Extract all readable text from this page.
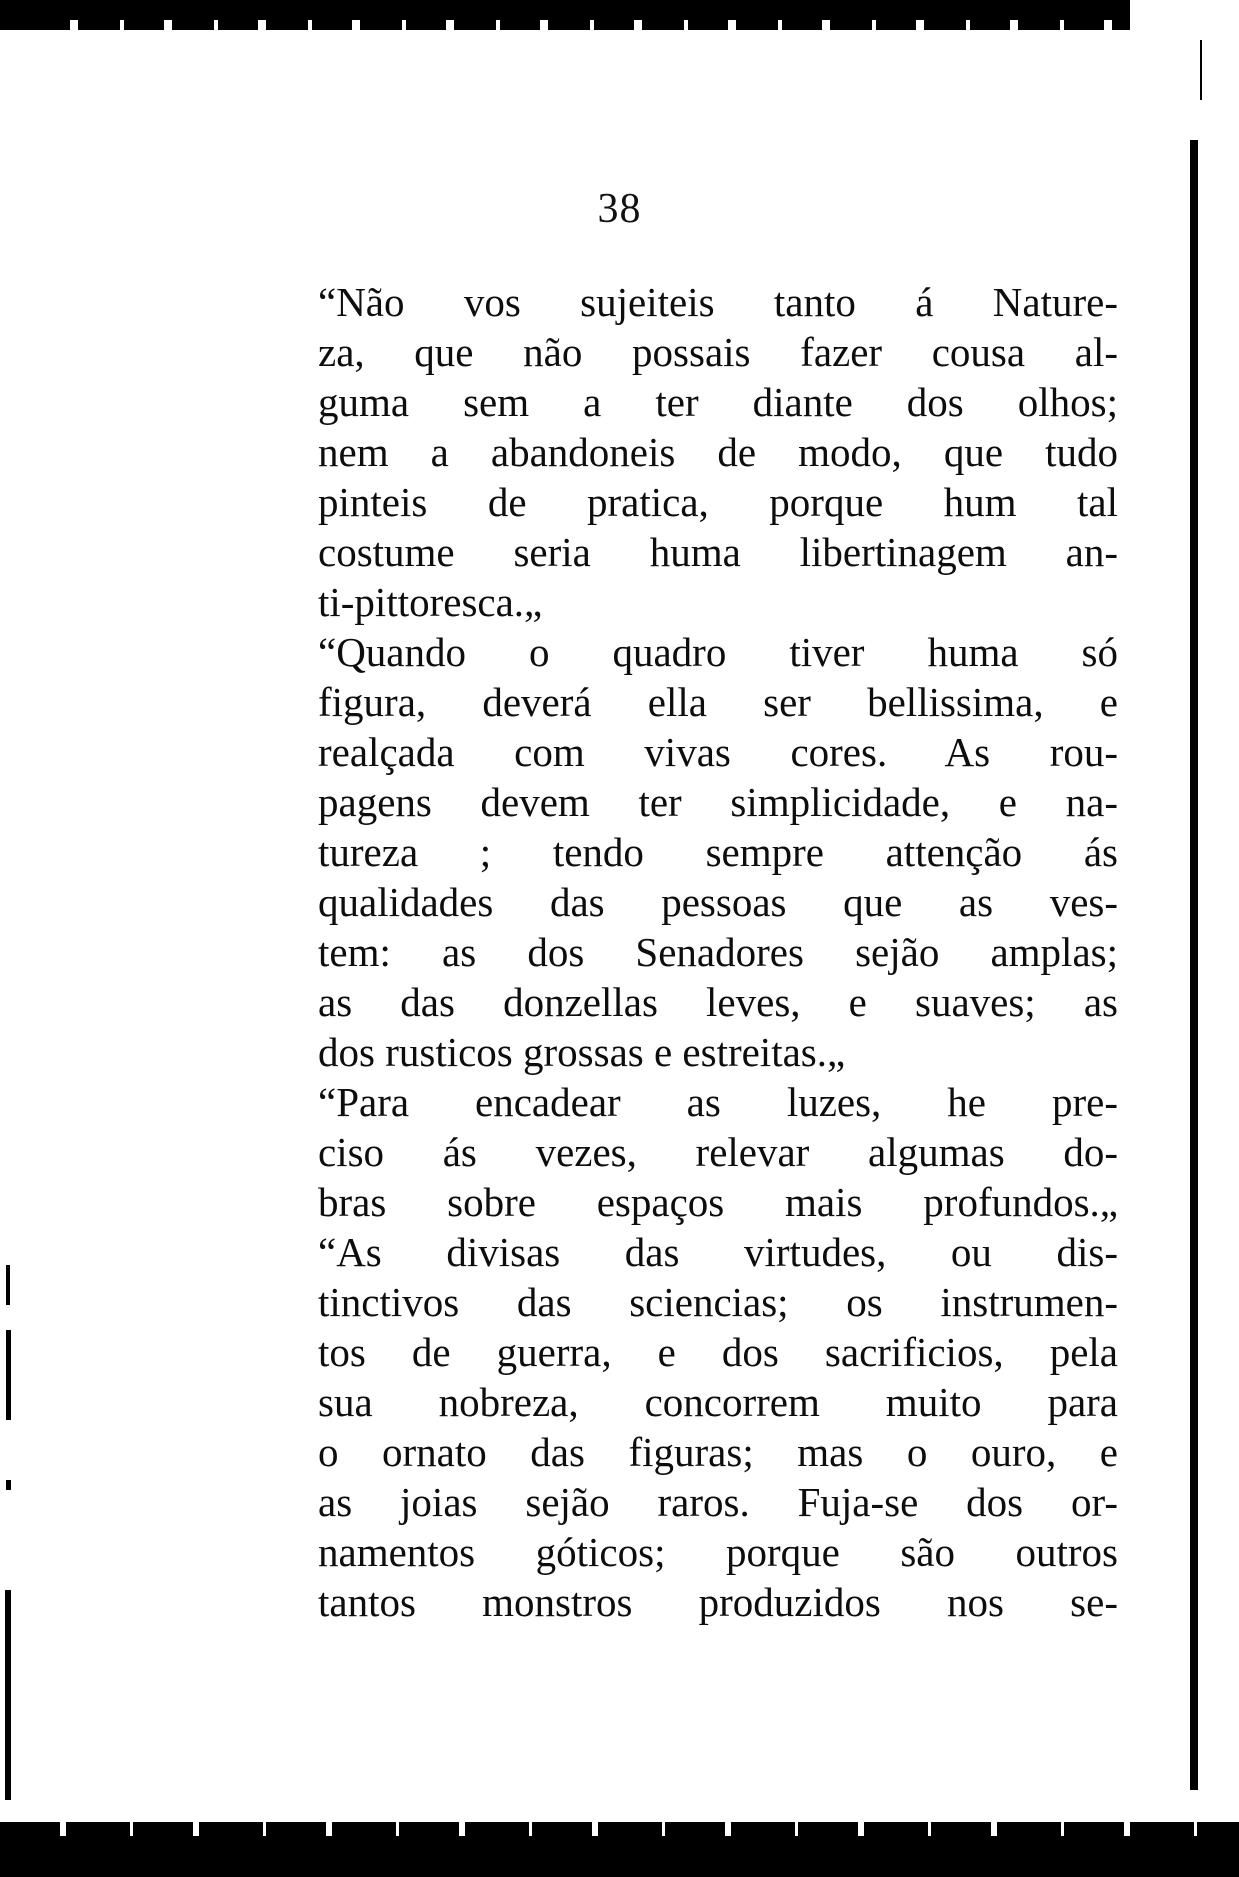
38
“Não vos sujeiteis tanto á Nature-
za, que não possais fazer cousa al-
guma sem a ter diante dos olhos;
nem a abandoneis de modo, que tudo
pinteis de pratica, porque hum tal
costume seria huma libertinagem an-
ti-pittoresca.„
“Quando o quadro tiver huma só
figura, deverá ella ser bellissima, e
realçada com vivas cores. As rou-
pagens devem ter simplicidade, e na-
tureza ; tendo sempre attenção ás
qualidades das pessoas que as ves-
tem: as dos Senadores sejão amplas;
as das donzellas leves, e suaves; as
dos rusticos grossas e estreitas.„
“Para encadear as luzes, he pre-
ciso ás vezes, relevar algumas do-
bras sobre espaços mais profundos.„
“As divisas das virtudes, ou dis-
tinctivos das sciencias; os instrumen-
tos de guerra, e dos sacrificios, pela
sua nobreza, concorrem muito para
o ornato das figuras; mas o ouro, e
as joias sejão raros. Fuja-se dos or-
namentos góticos; porque são outros
tantos monstros produzidos nos se-
